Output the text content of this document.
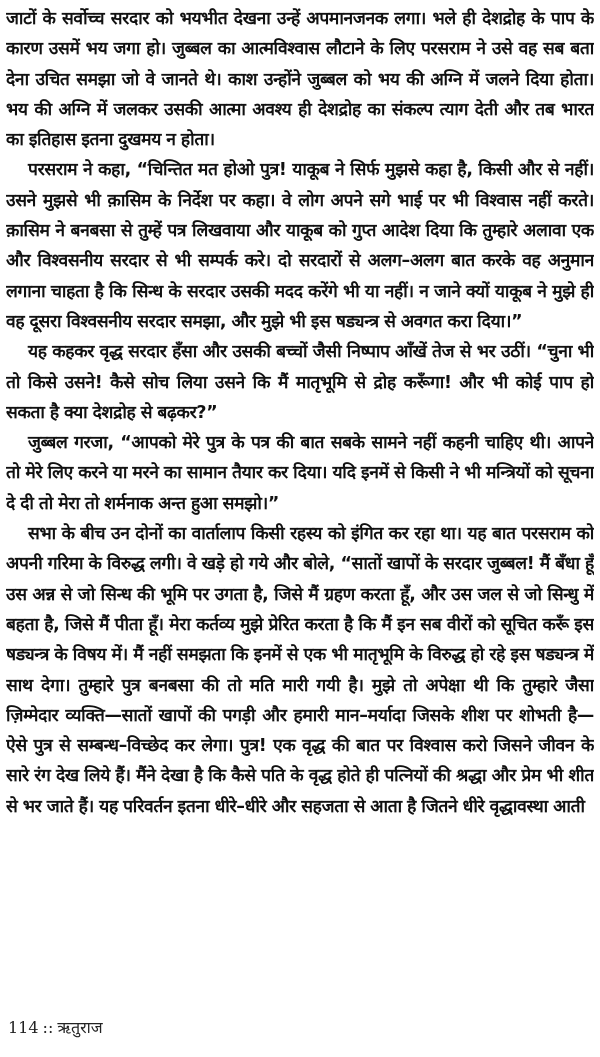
जाटों के सर्वोच्च सरदार को भयभीत देखना उन्हें अपमानजनक लगा। भले ही देशद्रोह के पाप के कारण उसमें भय जगा हो। जुब्बल का आत्मविश्वास लौटाने के लिए परसराम ने उसे वह सब बता देना उचित समझा जो वे जानते थे। काश उन्होंने जुब्बल को भय की अग्नि में जलने दिया होता। भय की अग्नि में जलकर उसकी आत्मा अवश्य ही देशद्रोह का संकल्प त्याग देती और तब भारत का इतिहास इतना दुखमय न होता।

परसराम ने कहा, “चिन्तित मत होओ पुत्र! याकूब ने सिर्फ मुझसे कहा है, किसी और से नहीं। उसने मुझसे भी क़ासिम के निर्देश पर कहा। वे लोग अपने सगे भाई पर भी विश्वास नहीं करते। क़ासिम ने बनबसा से तुम्हें पत्र लिखवाया और याकूब को गुप्त आदेश दिया कि तुम्हारे अलावा एक और विश्वसनीय सरदार से भी सम्पर्क करे। दो सरदारों से अलग–अलग बात करके वह अनुमान लगाना चाहता है कि सिन्ध के सरदार उसकी मदद करेंगे भी या नहीं। न जाने क्यों याकूब ने मुझे ही वह दूसरा विश्वसनीय सरदार समझा, और मुझे भी इस षड्यन्त्र से अवगत करा दिया।”

यह कहकर वृद्ध सरदार हँसा और उसकी बच्चों जैसी निष्पाप आँखें तेज से भर उठीं। “चुना भी तो किसे उसने! कैसे सोच लिया उसने कि मैं मातृभूमि से द्रोह करूँगा! और भी कोई पाप हो सकता है क्या देशद्रोह से बढ़कर?”

जुब्बल गरजा, “आपको मेरे पुत्र के पत्र की बात सबके सामने नहीं कहनी चाहिए थी। आपने तो मेरे लिए करने या मरने का सामान तैयार कर दिया। यदि इनमें से किसी ने भी मन्त्रियों को सूचना दे दी तो मेरा तो शर्मनाक अन्त हुआ समझो।”

सभा के बीच उन दोनों का वार्तालाप किसी रहस्य को इंगित कर रहा था। यह बात परसराम को अपनी गरिमा के विरुद्ध लगी। वे खड़े हो गये और बोले, “सातों खापों के सरदार जुब्बल! मैं बँधा हूँ उस अन्न से जो सिन्ध की भूमि पर उगता है, जिसे मैं ग्रहण करता हूँ, और उस जल से जो सिन्धु में बहता है, जिसे मैं पीता हूँ। मेरा कर्तव्य मुझे प्रेरित करता है कि मैं इन सब वीरों को सूचित करूँ इस षड्यन्त्र के विषय में। मैं नहीं समझता कि इनमें से एक भी मातृभूमि के विरुद्ध हो रहे इस षड्यन्त्र में साथ देगा। तुम्हारे पुत्र बनबसा की तो मति मारी गयी है। मुझे तो अपेक्षा थी कि तुम्हारे जैसा ज़िम्मेदार व्यक्ति—सातों खापों की पगड़ी और हमारी मान–मर्यादा जिसके शीश पर शोभती है—ऐसे पुत्र से सम्बन्ध–विच्छेद कर लेगा। पुत्र! एक वृद्ध की बात पर विश्वास करो जिसने जीवन के सारे रंग देख लिये हैं। मैंने देखा है कि कैसे पति के वृद्ध होते ही पत्नियों की श्रद्धा और प्रेम भी शीत से भर जाते हैं। यह परिवर्तन इतना धीरे–धीरे और सहजता से आता है जितने धीरे वृद्धावस्था आती

114 :: ऋतुराज
